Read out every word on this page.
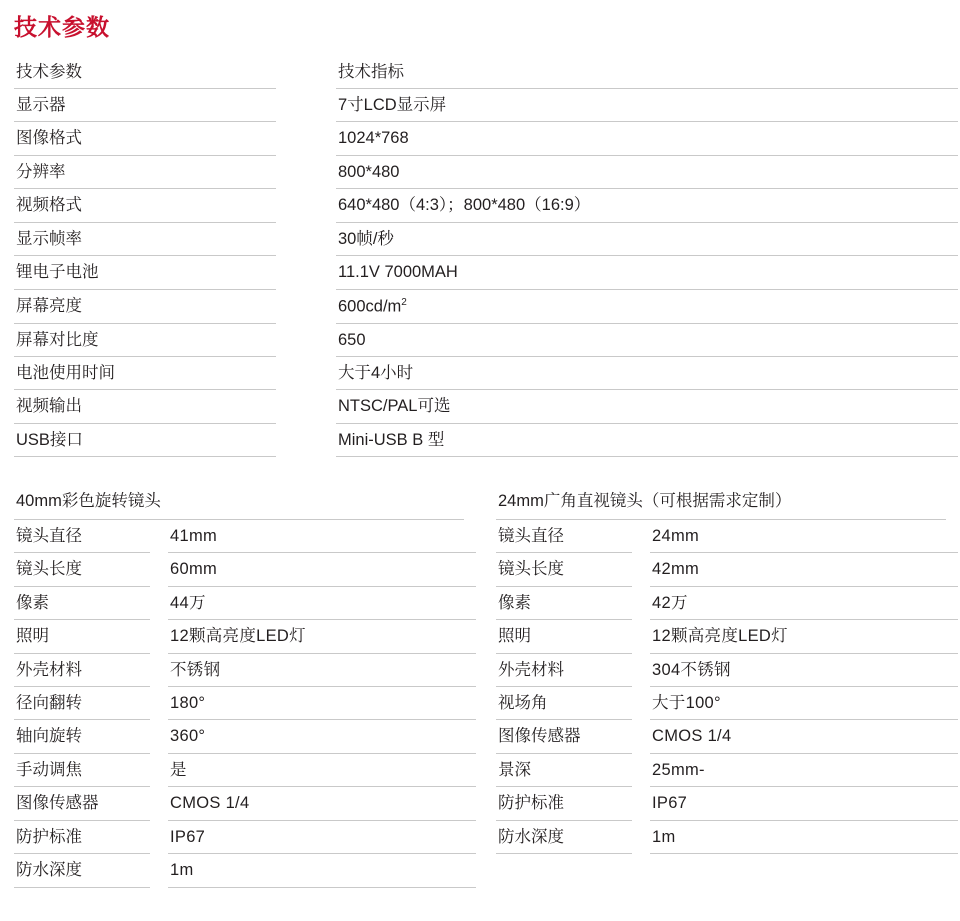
技术参数
技术参数		技术指标
显示器		7寸LCD显示屏
图像格式		1024*768
分辨率		800*480
视频格式		640*480（4:3）；800*480（16:9）
显示帧率		30帧/秒
锂电子电池		11.1V 7000MAH
屏幕亮度		$600cd/m^2$
屏幕对比度		650
电池使用时间		大于4小时
视频输出		NTSC/PAL可选
USB接口		Mini-USB B 型
40mm彩色旋转镜头
镜头直径		41mm	
镜头长度		60mm	
像素		44万	
照明		12颗高亮度LED灯	
外壳材料		不锈钢	
径向翻转		180°	
轴向旋转		360°	
手动调焦		是	
图像传感器		CMOS 1/4	
防护标准		IP67	
防水深度		1m	
24mm广角直视镜头（可根据需求定制）
镜头直径		24mm
镜头长度		42mm
像素		42万
照明		12颗高亮度LED灯
外壳材料		304不锈钢
视场角		大于100°
图像传感器		CMOS 1/4
景深		25mm-
防护标准		IP67
防水深度		1m
